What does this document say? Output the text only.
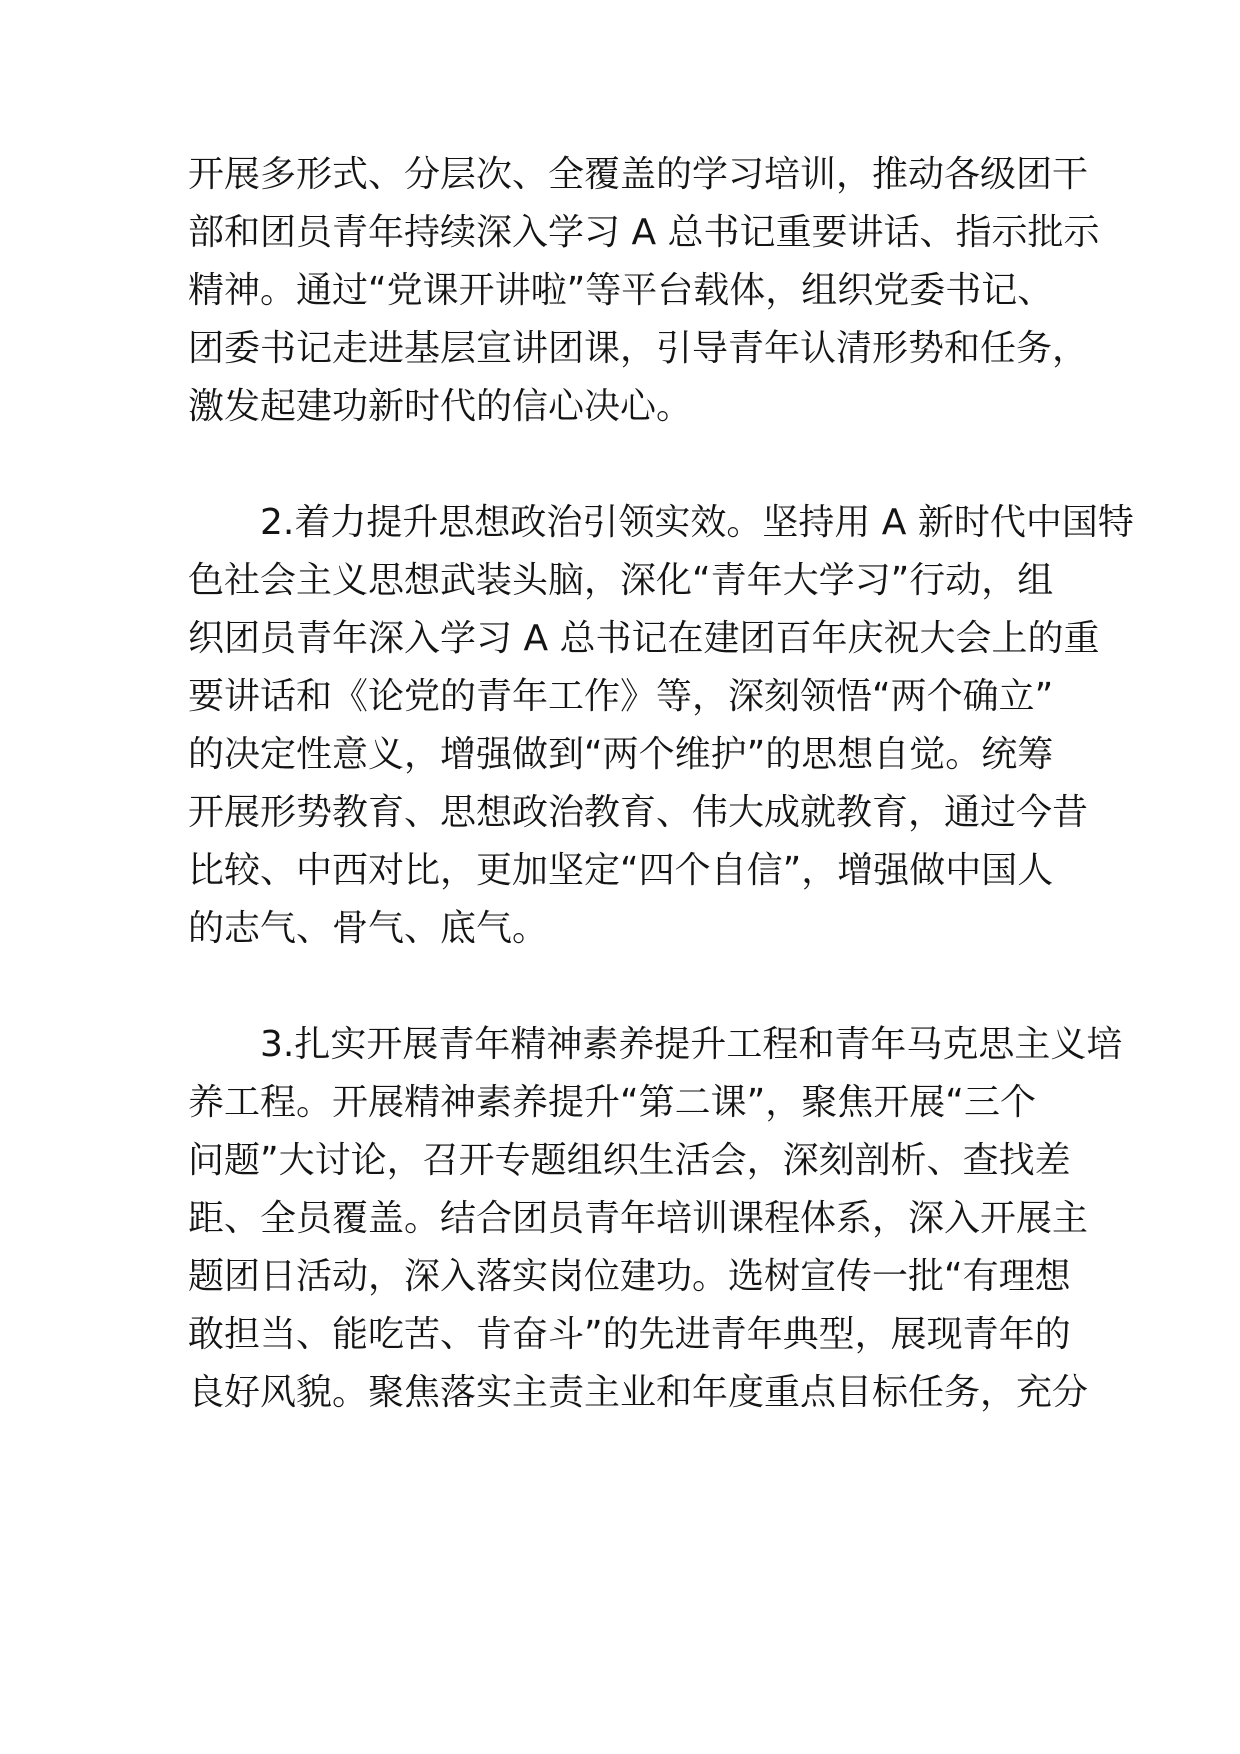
开展多形式、分层次、全覆盖的学习培训，推动各级团干
部和团员青年持续深入学习 A 总书记重要讲话、指示批示
精神。通过“党课开讲啦”等平台载体，组织党委书记、
团委书记走进基层宣讲团课，引导青年认清形势和任务，
激发起建功新时代的信心决心。
2.着力提升思想政治引领实效。坚持用 A 新时代中国特
色社会主义思想武装头脑，深化“青年大学习”行动，组
织团员青年深入学习 A 总书记在建团百年庆祝大会上的重
要讲话和《论党的青年工作》等，深刻领悟“两个确立”
的决定性意义，增强做到“两个维护”的思想自觉。统筹
开展形势教育、思想政治教育、伟大成就教育，通过今昔
比较、中西对比，更加坚定“四个自信”，增强做中国人
的志气、骨气、底气。
3.扎实开展青年精神素养提升工程和青年马克思主义培
养工程。开展精神素养提升“第二课”，聚焦开展“三个
问题”大讨论，召开专题组织生活会，深刻剖析、查找差
距、全员覆盖。结合团员青年培训课程体系，深入开展主
题团日活动，深入落实岗位建功。选树宣传一批“有理想
敢担当、能吃苦、肯奋斗”的先进青年典型，展现青年的
良好风貌。聚焦落实主责主业和年度重点目标任务，充分
